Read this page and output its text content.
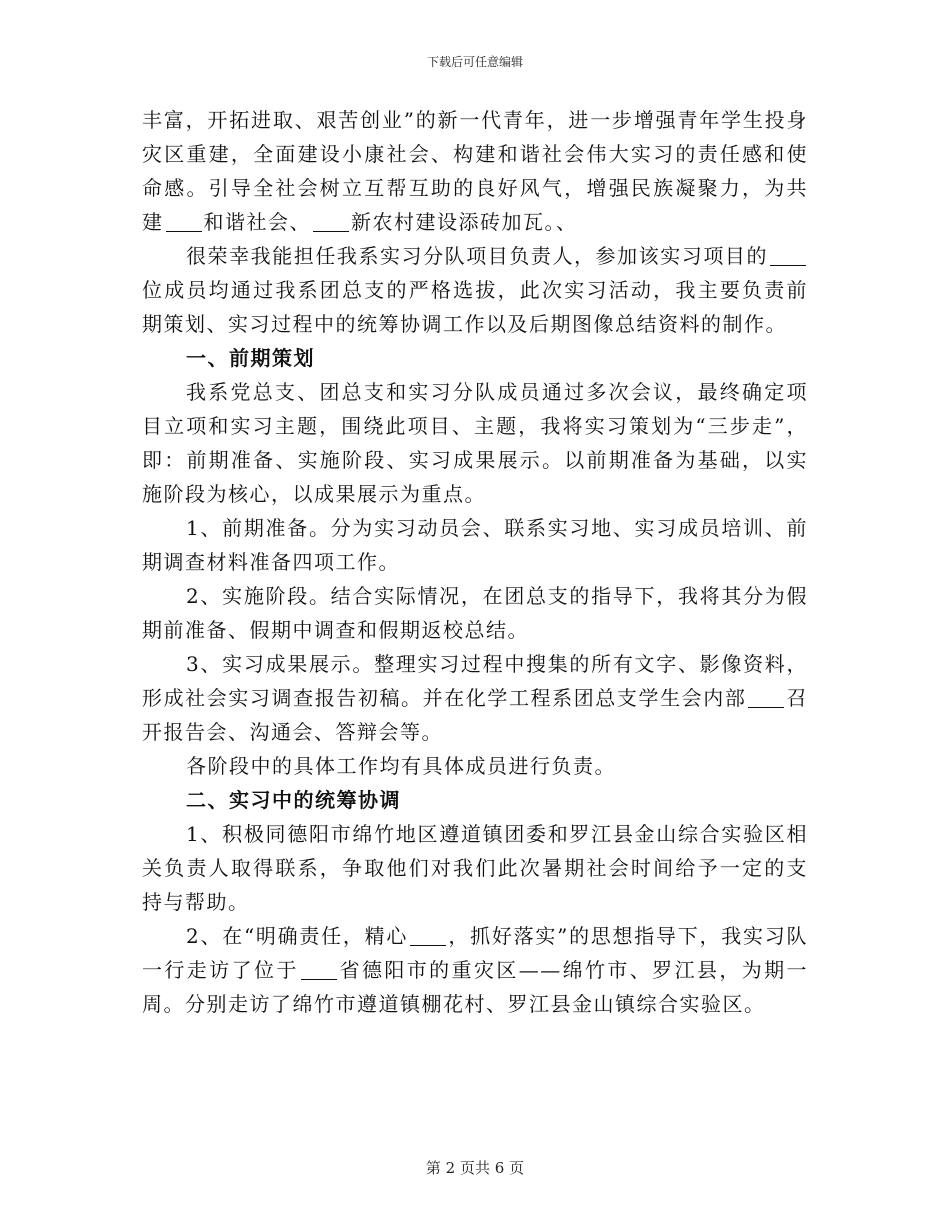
下载后可任意编辑

丰富，开拓进取、艰苦创业”的新一代青年，进一步增强青年学生投身灾区重建，全面建设小康社会、构建和谐社会伟大实习的责任感和使命感。引导全社会树立互帮互助的良好风气，增强民族凝聚力，为共建 和谐社会、 新农村建设添砖加瓦。、

很荣幸我能担任我系实习分队项目负责人，参加该实习项目的位成员均通过我系团总支的严格选拔，此次实习活动，我主要负责前期策划、实习过程中的统筹协调工作以及后期图像总结资料的制作。

一、前期策划

我系党总支、团总支和实习分队成员通过多次会议，最终确定项目立项和实习主题，围绕此项目、主题，我将实习策划为“三步走”，即：前期准备、实施阶段、实习成果展示。以前期准备为基础，以实施阶段为核心，以成果展示为重点。

1、前期准备。分为实习动员会、联系实习地、实习成员培训、前期调查材料准备四项工作。

2、实施阶段。结合实际情况，在团总支的指导下，我将其分为假期前准备、假期中调查和假期返校总结。

3、实习成果展示。整理实习过程中搜集的所有文字、影像资料，形成社会实习调查报告初稿。并在化学工程系团总支学生会内部 召开报告会、沟通会、答辩会等。

各阶段中的具体工作均有具体成员进行负责。

二、实习中的统筹协调

1、积极同德阳市绵竹地区遵道镇团委和罗江县金山综合实验区相关负责人取得联系，争取他们对我们此次暑期社会时间给予一定的支持与帮助。

2、在“明确责任，精心 ，抓好落实”的思想指导下，我实习队一行走访了位于 省德阳市的重灾区——绵竹市、罗江县，为期一周。分别走访了绵竹市遵道镇棚花村、罗江县金山镇综合实验区。

第 2 页共 6 页
